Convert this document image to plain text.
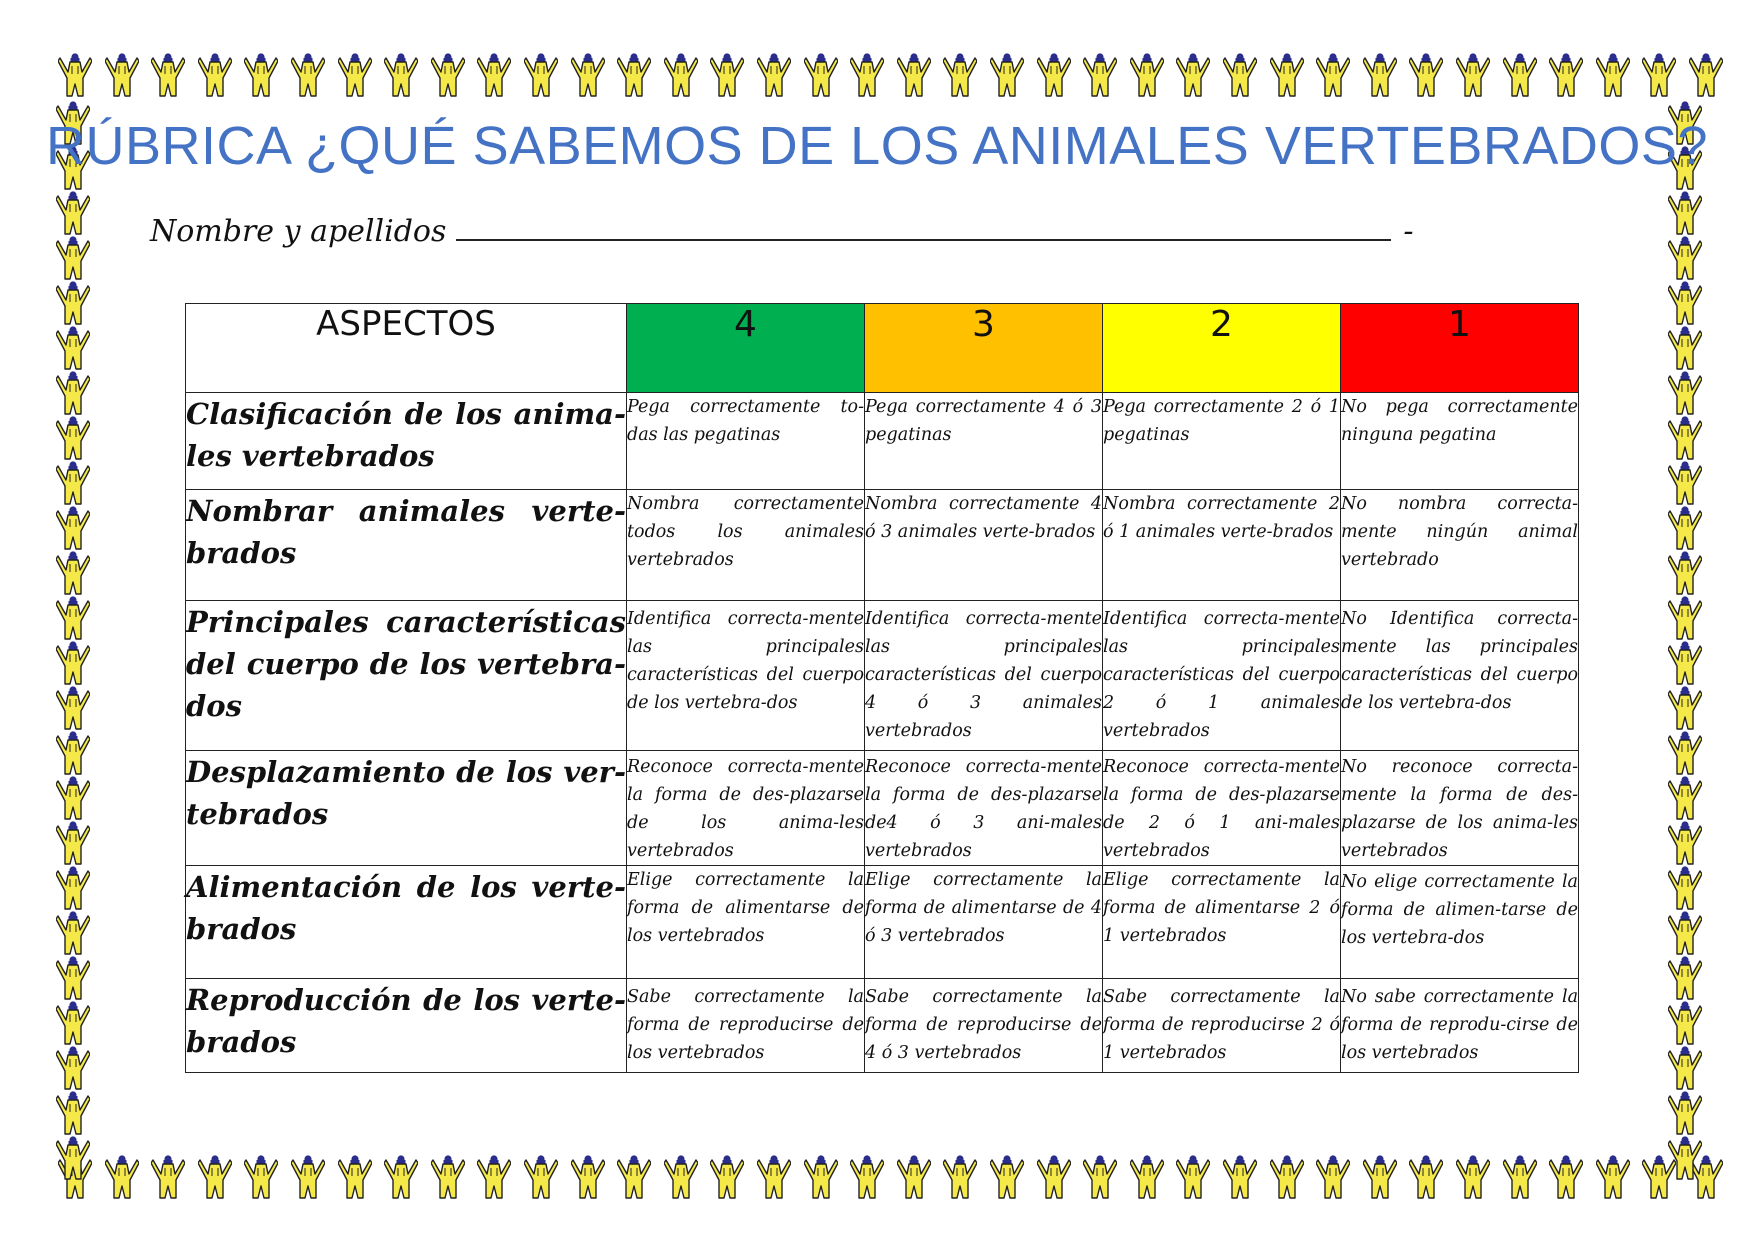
RÚBRICA ¿QUÉ SABEMOS DE LOS ANIMALES VERTEBRADOS?
Nombre y apellidos	-
ASPECTOS	4	3	2	1
Clasificación de los anima-les vertebrados	Pega correctamente to-das las pegatinas	Pega correctamente 4 ó 3 pegatinas	Pega correctamente 2 ó 1 pegatinas	No pega correctamente ninguna pegatina
Nombrar animales verte-brados	Nombra correctamente todos los animales vertebrados	Nombra correctamente 4 ó 3 animales verte-brados	Nombra correctamente 2 ó 1 animales verte-brados	No nombra correcta-mente ningún animal vertebrado
Principales características del cuerpo de los vertebra-dos	Identifica correcta-mente las principales características del cuerpo de los vertebra-dos	Identifica correcta-mente las principales características del cuerpo 4 ó 3 animales vertebrados	Identifica correcta-mente las principales características del cuerpo 2 ó 1 animales vertebrados	No Identifica correcta-mente las principales características del cuerpo de los vertebra-dos
Desplazamiento de los ver-tebrados	Reconoce correcta-mente la forma de des-plazarse de los anima-les vertebrados	Reconoce correcta-mente la forma de des-plazarse de4 ó 3 ani-males vertebrados	Reconoce correcta-mente la forma de des-plazarse de 2 ó 1 ani-males vertebrados	No reconoce correcta-mente la forma de des-plazarse de los anima-les vertebrados
Alimentación de los verte-brados	Elige correctamente la forma de alimentarse de los vertebrados	Elige correctamente la forma de alimentarse de 4 ó 3 vertebrados	Elige correctamente la forma de alimentarse 2 ó 1 vertebrados	No elige correctamente la forma de alimen-tarse de los vertebra-dos
Reproducción de los verte-brados	Sabe correctamente la forma de reproducirse de los vertebrados	Sabe correctamente la forma de reproducirse de 4 ó 3 vertebrados	Sabe correctamente la forma de reproducirse 2 ó 1 vertebrados	No sabe correctamente la forma de reprodu-cirse de los vertebrados
